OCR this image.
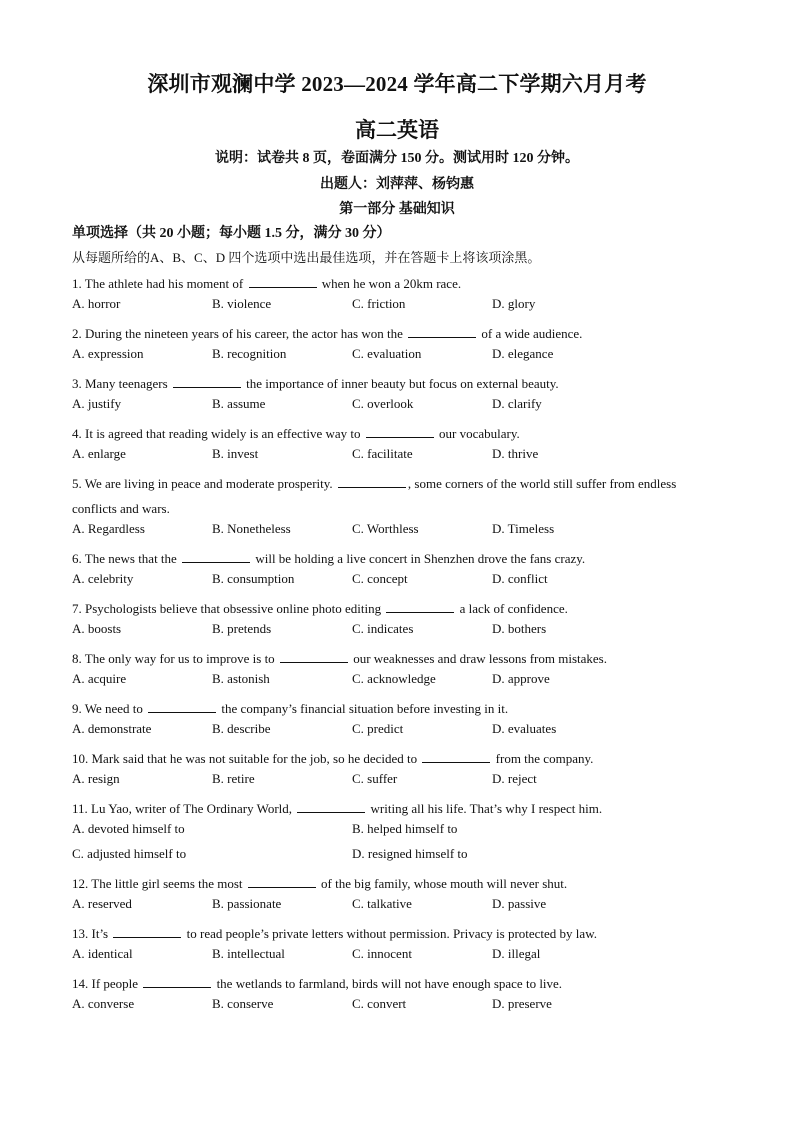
深圳市观澜中学 2023—2024 学年高二下学期六月月考
高二英语
说明：试卷共 8 页，卷面满分 150 分。测试用时 120 分钟。
出题人：刘萍萍、杨钧惠
第一部分 基础知识
单项选择（共 20 小题；每小题 1.5 分，满分 30 分）
从每题所给的A、B、C、D 四个选项中选出最佳选项，并在答题卡上将该项涂黑。
1. The athlete had his moment of	when he won a 20km race.
A. horror	B. violence	C. friction	D. glory
2. During the nineteen years of his career, the actor has won the	of a wide audience.
A. expression	B. recognition	C. evaluation	D. elegance
3. Many teenagers	the importance of inner beauty but focus on external beauty.
A. justify	B. assume	C. overlook	D. clarify
4. It is agreed that reading widely is an effective way to	our vocabulary.
A. enlarge	B. invest	C. facilitate	D. thrive
5. We are living in peace and moderate prosperity.	, some corners of the world still suffer from endless
conflicts and wars.
A. Regardless	B. Nonetheless	C. Worthless	D. Timeless
6. The news that the	will be holding a live concert in Shenzhen drove the fans crazy.
A. celebrity	B. consumption	C. concept	D. conflict
7. Psychologists believe that obsessive online photo editing	a lack of confidence.
A. boosts	B. pretends	C. indicates	D. bothers
8. The only way for us to improve is to	our weaknesses and draw lessons from mistakes.
A. acquire	B. astonish	C. acknowledge	D. approve
9. We need to	the company’s financial situation before investing in it.
A. demonstrate	B. describe	C. predict	D. evaluates
10. Mark said that he was not suitable for the job, so he decided to	from the company.
A. resign	B. retire	C. suffer	D. reject
11. Lu Yao, writer of The Ordinary World,	writing all his life. That’s why I respect him.
A. devoted himself to	B. helped himself to
C. adjusted himself to	D. resigned himself to
12. The little girl seems the most	of the big family, whose mouth will never shut.
A. reserved	B. passionate	C. talkative	D. passive
13. It’s	to read people’s private letters without permission. Privacy is protected by law.
A. identical	B. intellectual	C. innocent	D. illegal
14. If people	the wetlands to farmland, birds will not have enough space to live.
A. converse	B. conserve	C. convert	D. preserve
